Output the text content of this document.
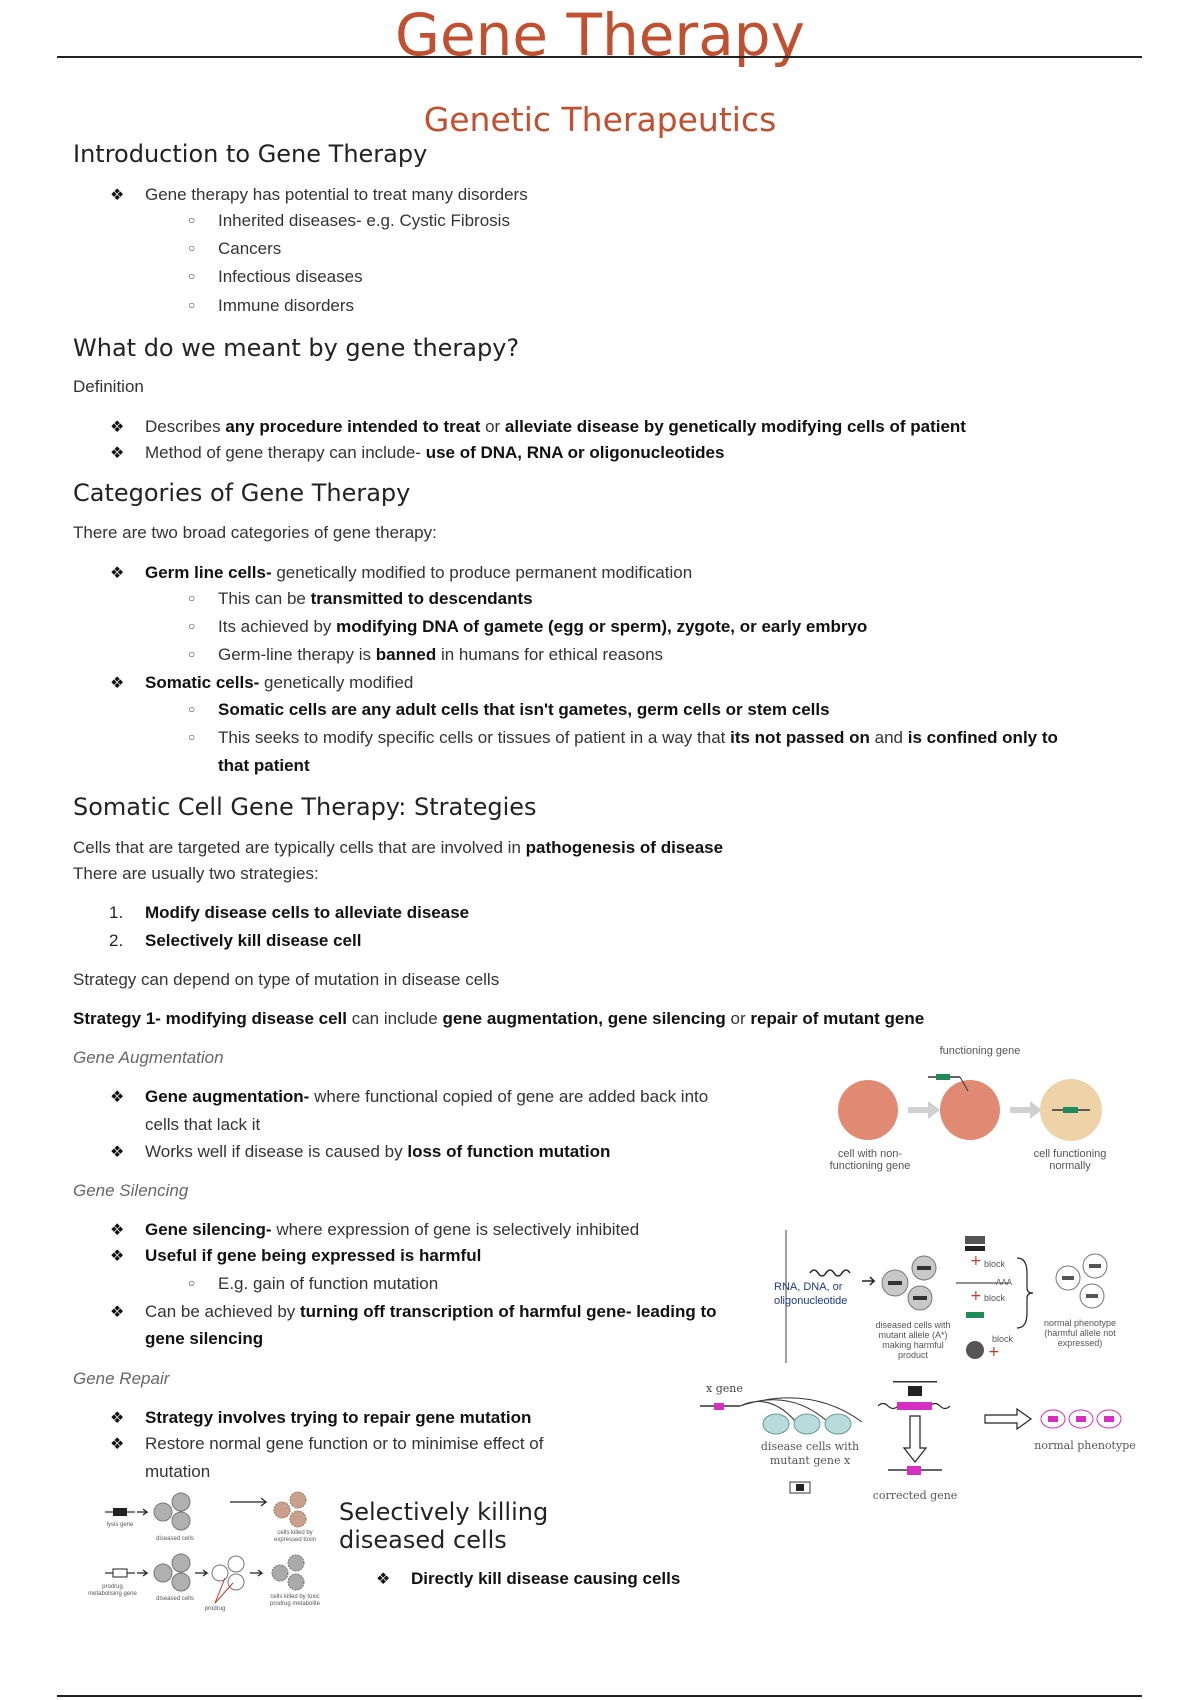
Gene Therapy
Genetic Therapeutics
Introduction to Gene Therapy
❖ Gene therapy has potential to treat many disorders
○ Inherited diseases- e.g. Cystic Fibrosis
○ Cancers
○ Infectious diseases
○ Immune disorders
What do we meant by gene therapy?
Definition
❖ Describes any procedure intended to treat or alleviate disease by genetically modifying cells of patient
❖ Method of gene therapy can include- use of DNA, RNA or oligonucleotides
Categories of Gene Therapy
There are two broad categories of gene therapy:
❖ Germ line cells- genetically modified to produce permanent modification
○ This can be transmitted to descendants
○ Its achieved by modifying DNA of gamete (egg or sperm), zygote, or early embryo
○ Germ-line therapy is banned in humans for ethical reasons
❖ Somatic cells- genetically modified
○ Somatic cells are any adult cells that isn't gametes, germ cells or stem cells
○ This seeks to modify specific cells or tissues of patient in a way that its not passed on and is confined only to
that patient
Somatic Cell Gene Therapy: Strategies
Cells that are targeted are typically cells that are involved in pathogenesis of disease
There are usually two strategies:
1. Modify disease cells to alleviate disease
2. Selectively kill disease cell
Strategy can depend on type of mutation in disease cells
Strategy 1- modifying disease cell can include gene augmentation, gene silencing or repair of mutant gene
Gene Augmentation
❖ Gene augmentation- where functional copied of gene are added back into
cells that lack it
❖ Works well if disease is caused by loss of function mutation
functioning gene
cell with non-functioning gene
cell functioning normally
Gene Silencing
❖ Gene silencing- where expression of gene is selectively inhibited
❖ Useful if gene being expressed is harmful
○ E.g. gain of function mutation
❖ Can be achieved by turning off transcription of harmful gene- leading to
gene silencing
+
+
+
RNA, DNA, or oligonucleotide
diseased cells with mutant allele (A*) making harmful product
block
AAA
block
block
normal phenotype (harmful allele not expressed)
Gene Repair
❖ Strategy involves trying to repair gene mutation
❖ Restore normal gene function or to minimise effect of
mutation
x gene
disease cells with mutant gene x
corrected gene
normal phenotype
lysis gene
diseased cells
cells killed by expressed toxin
prodrug metabolising gene
diseased cells
prodrug
cells killed by toxic prodrug metabolite
Selectively killing
diseased cells
❖ Directly kill disease causing cells
